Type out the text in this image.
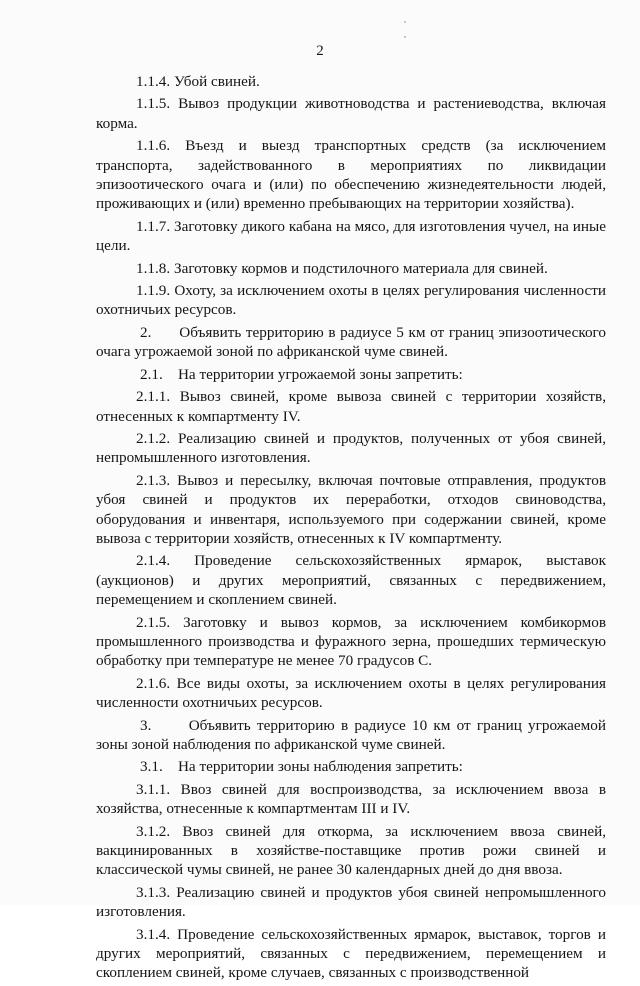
2

1.1.4. Убой свиней.

1.1.5. Вывоз продукции животноводства и растениеводства, включая корма.

1.1.6. Въезд и выезд транспортных средств (за исключением транспорта, задействованного в мероприятиях по ликвидации эпизоотического очага и (или) по обеспечению жизнедеятельности людей, проживающих и (или) временно пребывающих на территории хозяйства).

1.1.7. Заготовку дикого кабана на мясо, для изготовления чучел, на иные цели.

1.1.8. Заготовку кормов и подстилочного материала для свиней.

1.1.9. Охоту, за исключением охоты в целях регулирования численности охотничьих ресурсов.

2.      Объявить территорию в радиусе 5 км от границ эпизоотического очага угрожаемой зоной по африканской чуме свиней.

2.1.    На территории угрожаемой зоны запретить:

2.1.1. Вывоз свиней, кроме вывоза свиней с территории хозяйств, отнесенных к компартменту IV.

2.1.2. Реализацию свиней и продуктов, полученных от убоя свиней, непромышленного изготовления.

2.1.3. Вывоз и пересылку, включая почтовые отправления, продуктов убоя свиней и продуктов их переработки, отходов свиноводства, оборудования и инвентаря, используемого при содержании свиней, кроме вывоза с территории хозяйств, отнесенных к IV компартменту.

2.1.4. Проведение сельскохозяйственных ярмарок, выставок (аукционов) и других мероприятий, связанных с передвижением, перемещением и скоплением свиней.

2.1.5. Заготовку и вывоз кормов, за исключением комбикормов промышленного производства и фуражного зерна, прошедших термическую обработку при температуре не менее 70 градусов С.

2.1.6. Все виды охоты, за исключением охоты в целях регулирования численности охотничьих ресурсов.

3.      Объявить территорию в радиусе 10 км от границ угрожаемой зоны зоной наблюдения по африканской чуме свиней.

3.1.    На территории зоны наблюдения запретить:

3.1.1. Ввоз свиней для воспроизводства, за исключением ввоза в хозяйства, отнесенные к компартментам III и IV.

3.1.2. Ввоз свиней для откорма, за исключением ввоза свиней, вакцинированных в хозяйстве-поставщике против рожи свиней и классической чумы свиней, не ранее 30 календарных дней до дня ввоза.

3.1.3. Реализацию свиней и продуктов убоя свиней непромышленного изготовления.

3.1.4. Проведение сельскохозяйственных ярмарок, выставок, торгов и других мероприятий, связанных с передвижением, перемещением и скоплением свиней, кроме случаев, связанных с производственной
